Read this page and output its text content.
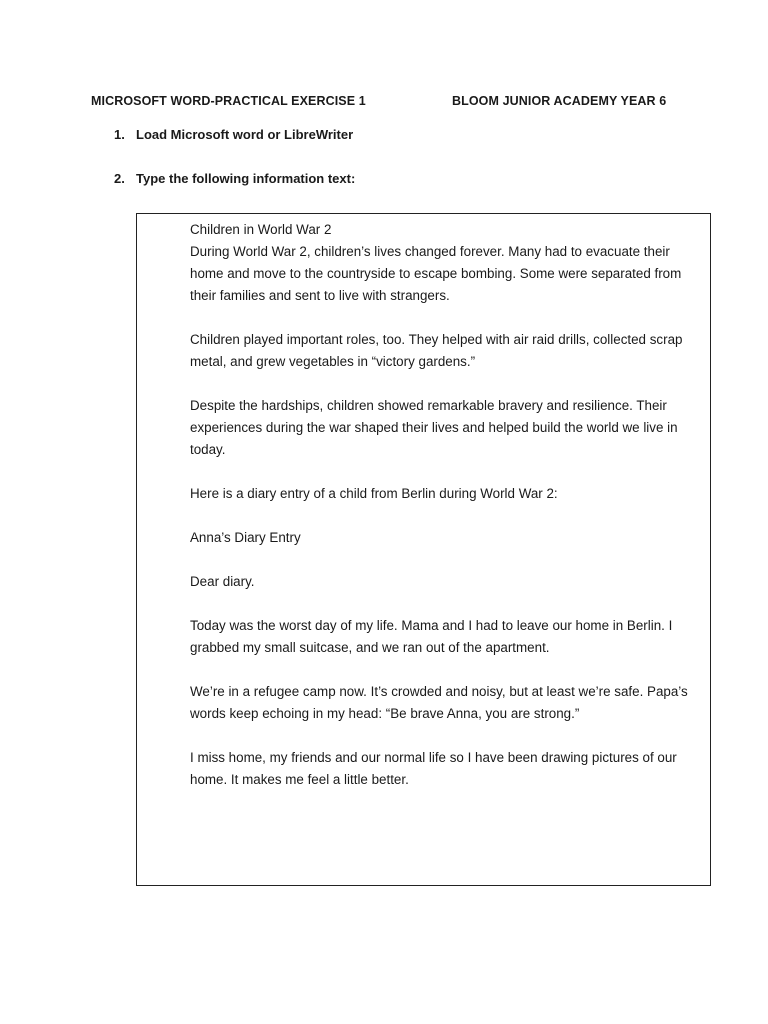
MICROSOFT WORD-PRACTICAL EXERCISE 1	BLOOM JUNIOR ACADEMY YEAR 6
1. Load Microsoft word or LibreWriter
2. Type the following information text:

Children in World War 2
During World War 2, children’s lives changed forever. Many had to evacuate their home and move to the countryside to escape bombing. Some were separated from their families and sent to live with strangers.

Children played important roles, too. They helped with air raid drills, collected scrap metal, and grew vegetables in “victory gardens.”

Despite the hardships, children showed remarkable bravery and resilience. Their experiences during the war shaped their lives and helped build the world we live in today.

Here is a diary entry of a child from Berlin during World War 2:

Anna’s Diary Entry

Dear diary.

Today was the worst day of my life. Mama and I had to leave our home in Berlin. I grabbed my small suitcase, and we ran out of the apartment.

We’re in a refugee camp now. It’s crowded and noisy, but at least we’re safe. Papa’s words keep echoing in my head: “Be brave Anna, you are strong.”

I miss home, my friends and our normal life so I have been drawing pictures of our home. It makes me feel a little better.
